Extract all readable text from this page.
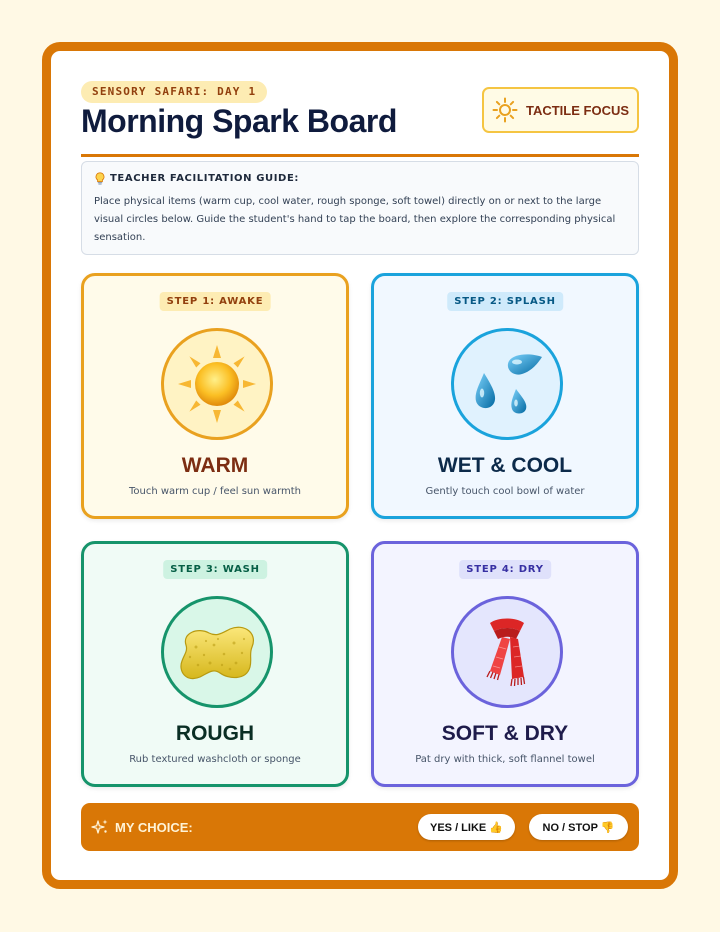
SENSORY SAFARI: DAY 1
Morning Spark Board	TACTILE FOCUS
TEACHER FACILITATION GUIDE:
Place physical items (warm cup, cool water, rough sponge, soft towel) directly on or next to the large visual circles below. Guide the student's hand to tap the board, then explore the corresponding physical sensation.
STEP 1: AWAKE
WARM
Touch warm cup / feel sun warmth
STEP 2: SPLASH
WET & COOL
Gently touch cool bowl of water
STEP 3: WASH
ROUGH
Rub textured washcloth or sponge
STEP 4: DRY
SOFT & DRY
Pat dry with thick, soft flannel towel
MY CHOICE:	YES / LIKE 👍	NO / STOP 👎
